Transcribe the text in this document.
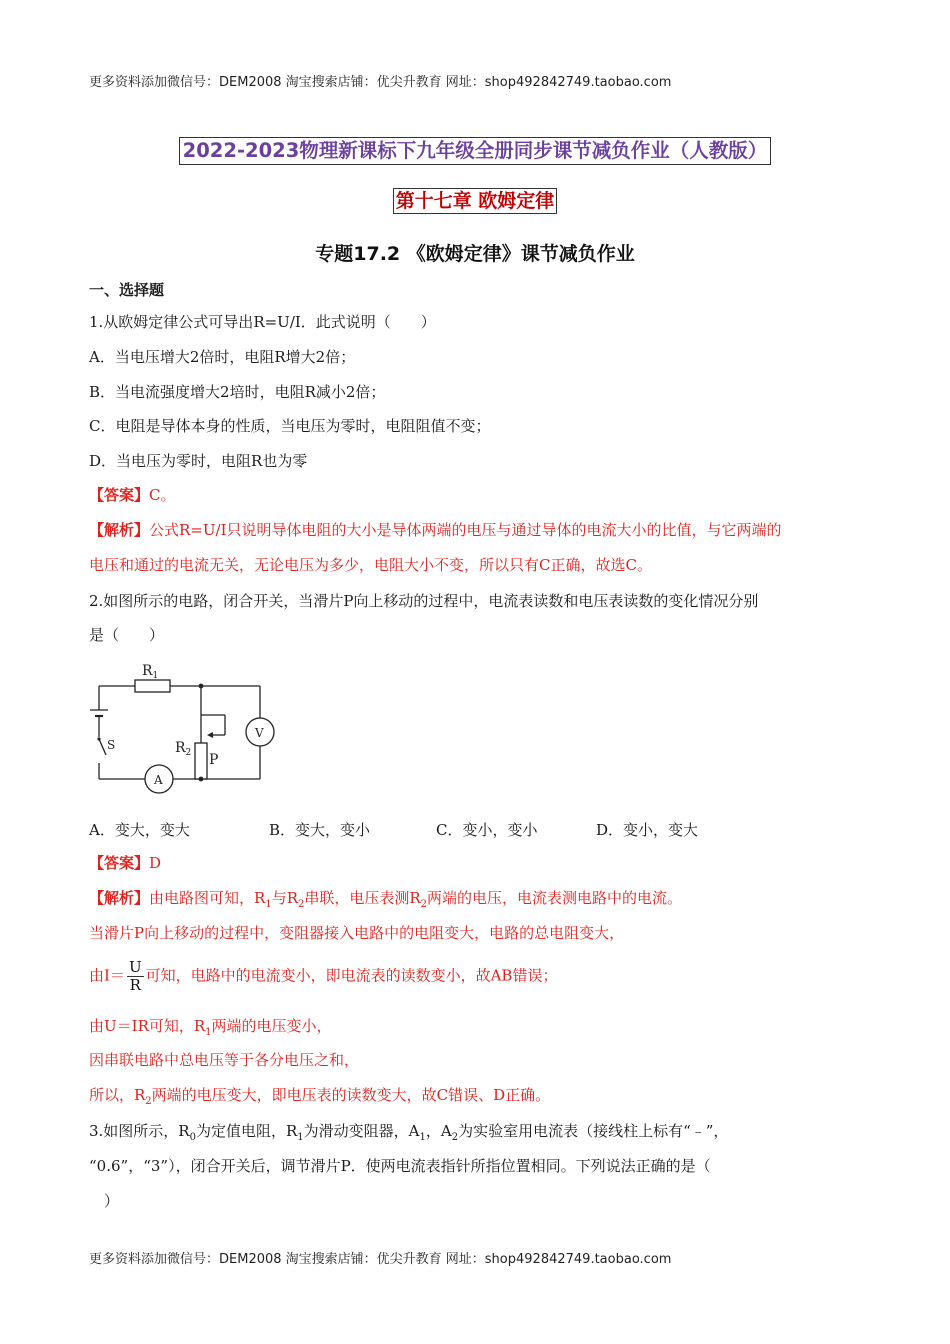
更多资料添加微信号：DEM2008 淘宝搜索店铺：优尖升教育 网址：shop492842749.taobao.com
2022-2023物理新课标下九年级全册同步课节减负作业（人教版）
第十七章 欧姆定律
专题17.2 《欧姆定律》课节减负作业
一、选择题
1.从欧姆定律公式可导出R=U/I．此式说明（　　）
A．当电压增大2倍时，电阻R增大2倍；
B．当电流强度增大2培时，电阻R减小2倍；
C．电阻是导体本身的性质，当电压为零时，电阻阻值不变；
D．当电压为零时，电阻R也为零
【答案】C。
【解析】公式R=U/I只说明导体电阻的大小是导体两端的电压与通过导体的电流大小的比值，与它两端的
电压和通过的电流无关，无论电压为多少，电阻大小不变，所以只有C正确，故选C。
2.如图所示的电路，闭合开关，当滑片P向上移动的过程中，电流表读数和电压表读数的变化情况分别
是（　　）
$R_1$
$R_2$ P
S
V
A
A．变大，变大	B．变大，变小	C．变小，变小	D．变小，变大
【答案】D
【解析】由电路图可知，$R_1$与$R_2$串联，电压表测$R_2$两端的电压，电流表测电路中的电流。
当滑片P向上移动的过程中，变阻器接入电路中的电阻变大，电路的总电阻变大，
由$I= \frac{U}{R}$ 可知，电路中的电流变小，即电流表的读数变小，故AB错误；
由U＝IR可知，$R_1$两端的电压变小，
因串联电路中总电压等于各分电压之和，
所以，$R_2$两端的电压变大，即电压表的读数变大，故C错误、D正确。
3.如图所示，$R_0$为定值电阻，$R_1$为滑动变阻器，$A_1$，$A_2$为实验室用电流表（接线柱上标有“﹣”，
“0.6”，“3”），闭合开关后，调节滑片P．使两电流表指针所指位置相同。下列说法正确的是（
　）
更多资料添加微信号：DEM2008 淘宝搜索店铺：优尖升教育 网址：shop492842749.taobao.com
